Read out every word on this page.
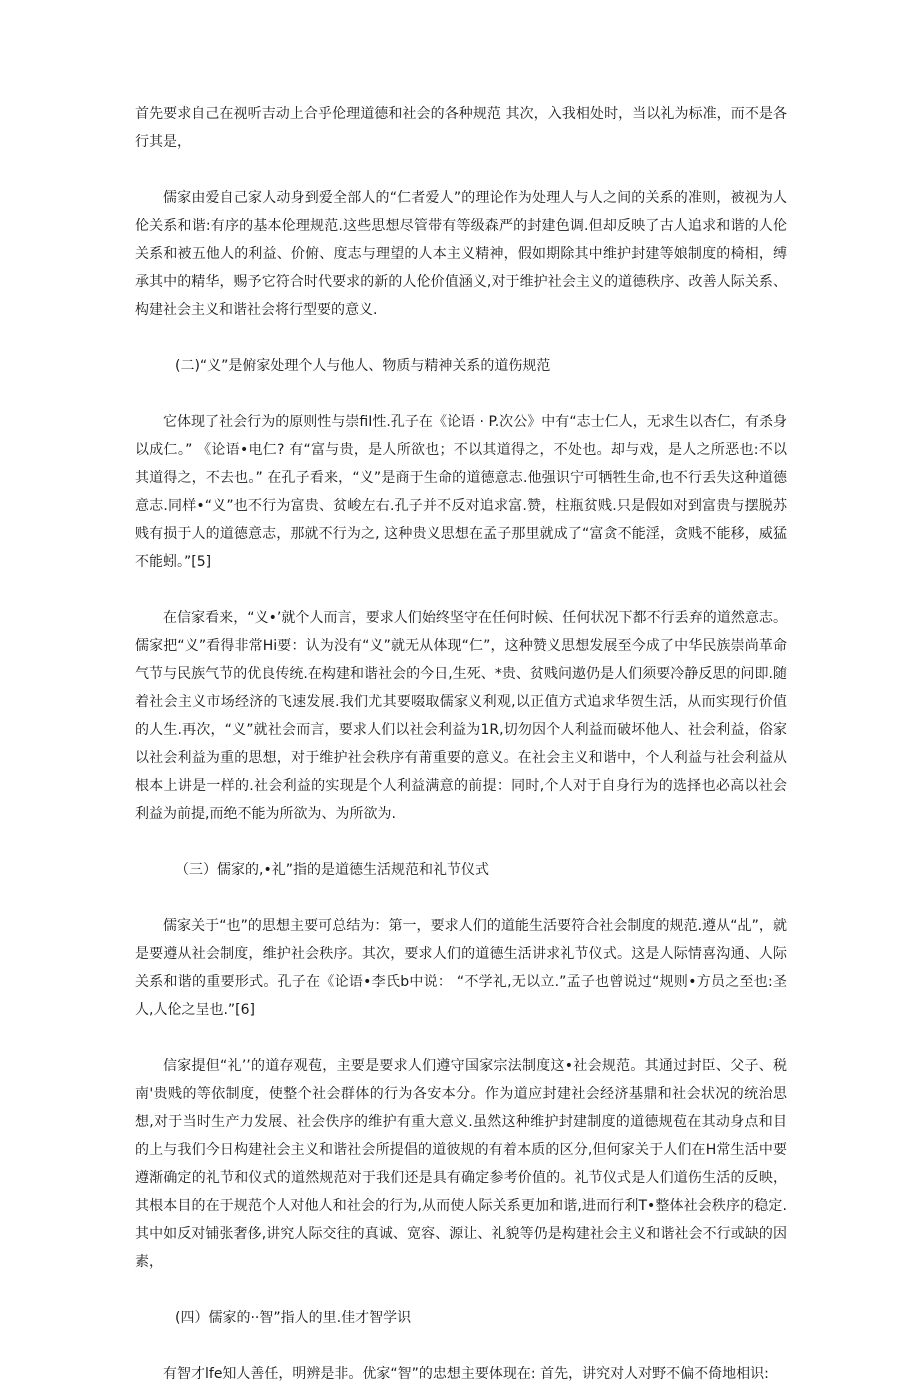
首先要求自己在视听吉动上合乎伦理道德和社会的各种规范 其次，入我相处时，当以礼为标准，而不是各行其是，

儒家由爱自己家人动身到爱全部人的“仁者爱人”的理论作为处理人与人之间的关系的准则，被视为人伦关系和谐:有序的基本伦理规范.这些思想尽管带有等级森严的封建色调.但却反映了古人追求和谐的人伦关系和被五他人的利益、价俯、度志与理望的人本主义精神，假如期除其中维护封建等娘制度的椅相，缚承其中的精华，赐予它符合时代要求的新的人伦价值涵义,对于维护社会主义的道德秩序、改善人际关系、构建社会主义和谐社会将行型要的意义.

(二)“义”是俯家处理个人与他人、物质与精神关系的道伤规范

它体现了社会行为的原则性与崇fiI性.孔子在《论语 · P.次公》中有“志士仁人，无求生以杏仁，有杀身以成仁。” 《论语•电仁? 有“富与贵，是人所欲也；不以其道得之，不处也。却与戏，是人之所恶也:不以其道得之，不去也。” 在孔子看来，“义”是商于生命的道德意志.他强识宁可牺牲生命,也不行丢失这种道德意志.同样•“义”也不行为富贵、贫峻左右.孔子并不反对追求富.赞，柱瓶贫贱.只是假如对到富贵与摆脱苏贱有损于人的道德意志，那就不行为之, 这种贵义思想在孟子那里就成了“富贪不能淫，贪贱不能移，威猛不能蚓。”[5]

在信家看来，“义•’就个人而言，要求人们始终坚守在任何时候、任何状况下都不行丢弃的道然意志。儒家把“义”看得非常Hi要：认为没有“义”就无从体现“仁”，这种赞义思想发展至今成了中华民族崇尚革命气节与民族气节的优良传统.在构建和谐社会的今日,生死、*贵、贫贱问遨仍是人们须要冷静反思的问即.随着社会主义市场经济的飞速发展.我们尤其要啜取儒家义利观,以正值方式追求华贺生活，从而实现行价值的人生.再次，“义”就社会而言，要求人们以社会利益为1R,切勿因个人利益而破坏他人、社会利益，俗家以社会利益为重的思想，对于维护社会秩序有莆重要的意义。在社会主义和谐中，个人利益与社会利益从根本上讲是一样的.社会利益的实现是个人利益满意的前提：同时,个人对于自身行为的选择也必高以社会利益为前提,而绝不能为所欲为、为所欲为.

（三）儒家的,•礼”指的是道德生活规范和礼节仪式

儒家关于“也”的思想主要可总结为：第一，要求人们的道能生活要符合社会制度的规范.遵从“乩”，就是要遵从社会制度，维护社会秩序。其次，要求人们的道德生活讲求礼节仪式。这是人际情喜沟通、人际关系和谐的重要形式。孔子在《论语•李氏b中说： “不学礼,无以立.”孟子也曾说过“规则•方员之至也:圣人,人伦之呈也.”[6]

信家提但“礼’’的道存观苞，主要是要求人们遵守国家宗法制度这•社会规范。其通过封臣、父子、税南'贵贱的等依制度，使整个社会群体的行为各安本分。作为道应封建社会经济基鼎和社会状况的统治思想,对于当时生产力发展、社会佚序的维护有重大意义.虽然这种维护封建制度的道德规苞在其动身点和目的上与我们今日构建社会主义和谐社会所提倡的道彼规的有着本质的区分,但何家关于人们在H常生活中要遵渐确定的礼节和仪式的道然规范对于我们还是具有确定参考价值的。礼节仪式是人们道伤生活的反映，其根本目的在于规范个人对他人和社会的行为,从而使人际关系更加和谐,进而行利T•整体社会秩序的稳定.其中如反对铺张奢侈,讲究人际交往的真诚、宽容、源让、礼貌等仍是构建社会主义和谐社会不行或缺的因素，

(四）儒家的··智”指人的里.佳才智学识

有智才lfe知人善任，明辨是非。优家“智”的忠想主要体现在: 首先，讲究对人对野不偏不倚地相识:
